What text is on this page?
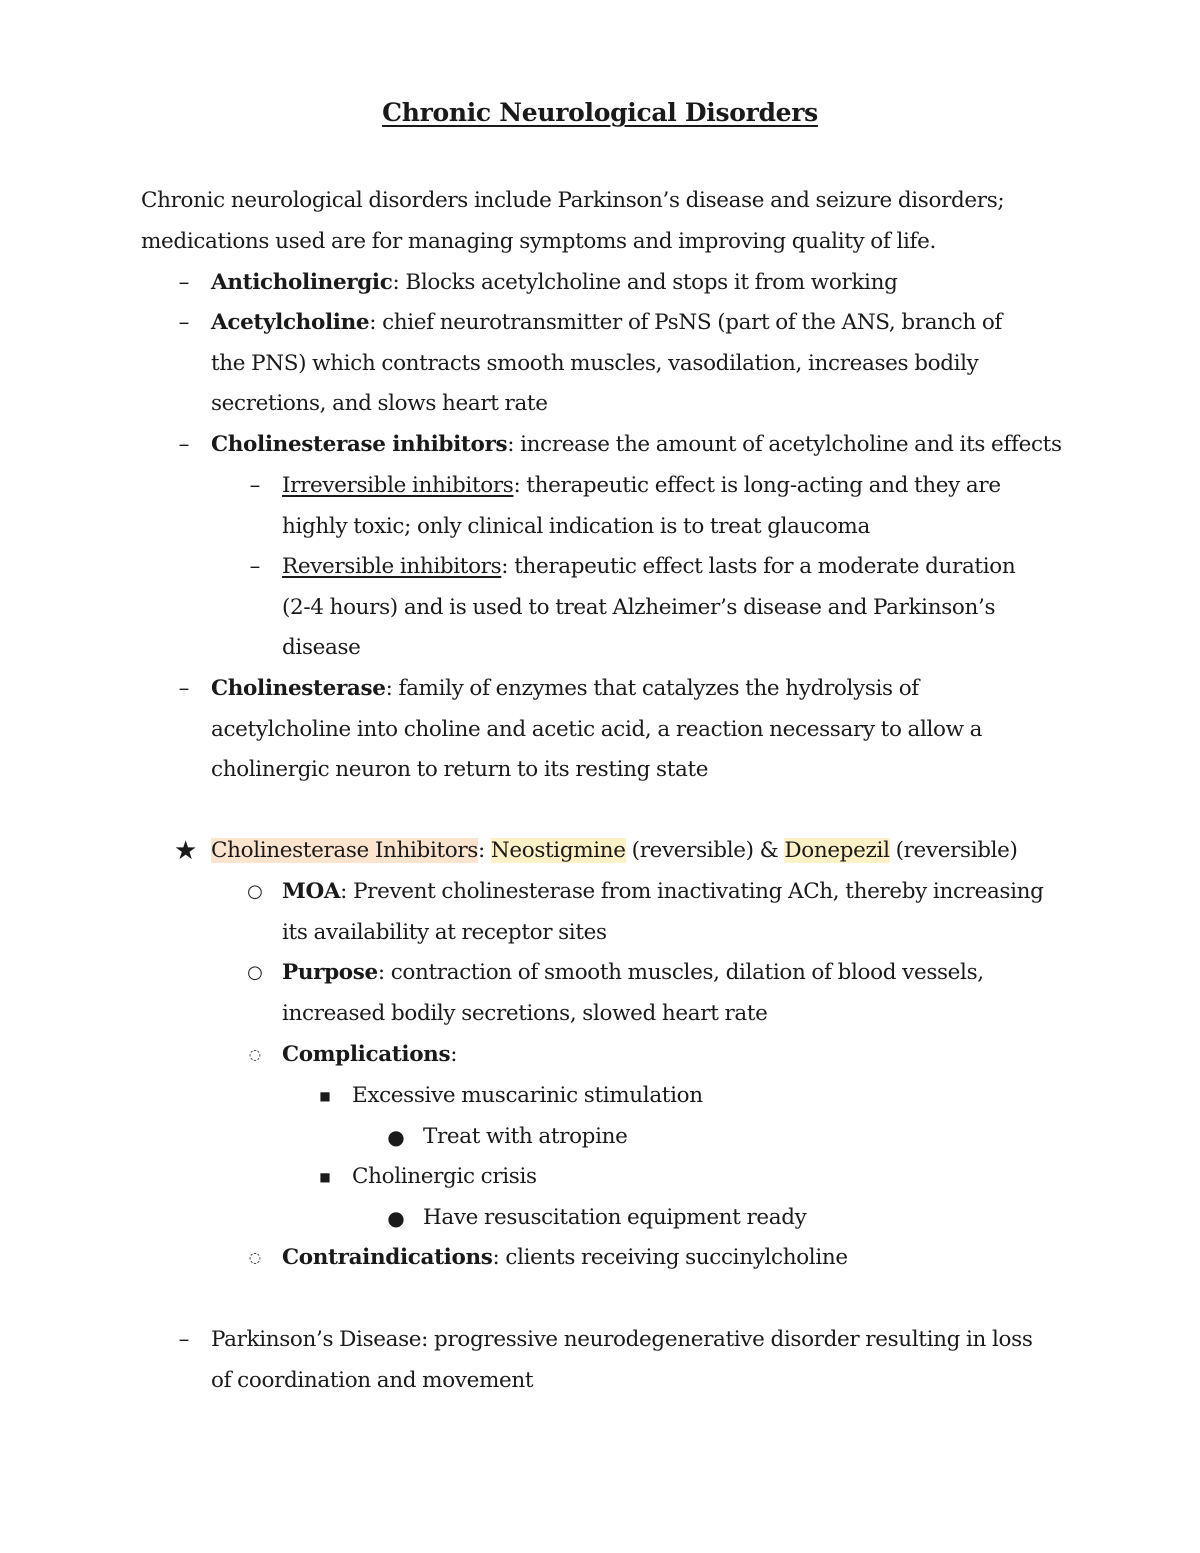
Chronic Neurological Disorders
Chronic neurological disorders include Parkinson’s disease and seizure disorders; medications used are for managing symptoms and improving quality of life.
– Anticholinergic: Blocks acetylcholine and stops it from working
– Acetylcholine: chief neurotransmitter of PsNS (part of the ANS, branch of the PNS) which contracts smooth muscles, vasodilation, increases bodily secretions, and slows heart rate
– Cholinesterase inhibitors: increase the amount of acetylcholine and its effects
– Irreversible inhibitors: therapeutic effect is long-acting and they are highly toxic; only clinical indication is to treat glaucoma
– Reversible inhibitors: therapeutic effect lasts for a moderate duration (2-4 hours) and is used to treat Alzheimer’s disease and Parkinson’s disease
– Cholinesterase: family of enzymes that catalyzes the hydrolysis of acetylcholine into choline and acetic acid, a reaction necessary to allow a cholinergic neuron to return to its resting state
★ Cholinesterase Inhibitors: Neostigmine (reversible) & Donepezil (reversible)
○ MOA: Prevent cholinesterase from inactivating ACh, thereby increasing its availability at receptor sites
○ Purpose: contraction of smooth muscles, dilation of blood vessels, increased bodily secretions, slowed heart rate
◌ Complications:
■ Excessive muscarinic stimulation
● Treat with atropine
■ Cholinergic crisis
● Have resuscitation equipment ready
◌ Contraindications: clients receiving succinylcholine
– Parkinson’s Disease: progressive neurodegenerative disorder resulting in loss of coordination and movement
